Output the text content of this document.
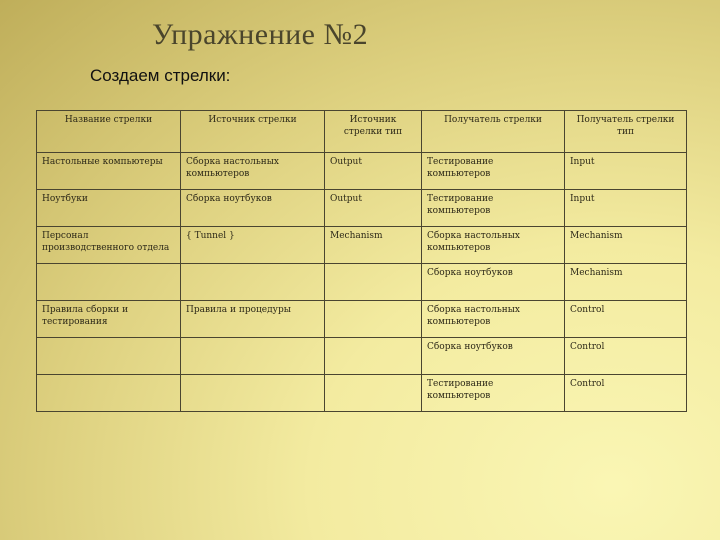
Упражнение №2
Создаем стрелки:
Название стрелки	Источник стрелки	Источник стрелки тип	Получатель стрелки	Получатель стрелки тип
Настольные компьютеры	Сборка настольных компьютеров	Output	Тестирование компьютеров	Input
Ноутбуки	Сборка ноутбуков	Output	Тестирование компьютеров	Input
Персонал производственного отдела	{ Tunnel }	Mechanism	Сборка настольных компьютеров	Mechanism
			Сборка ноутбуков	Mechanism
Правила сборки и тестирования	Правила и процедуры		Сборка настольных компьютеров	Control
			Сборка ноутбуков	Control
			Тестирование компьютеров	Control
